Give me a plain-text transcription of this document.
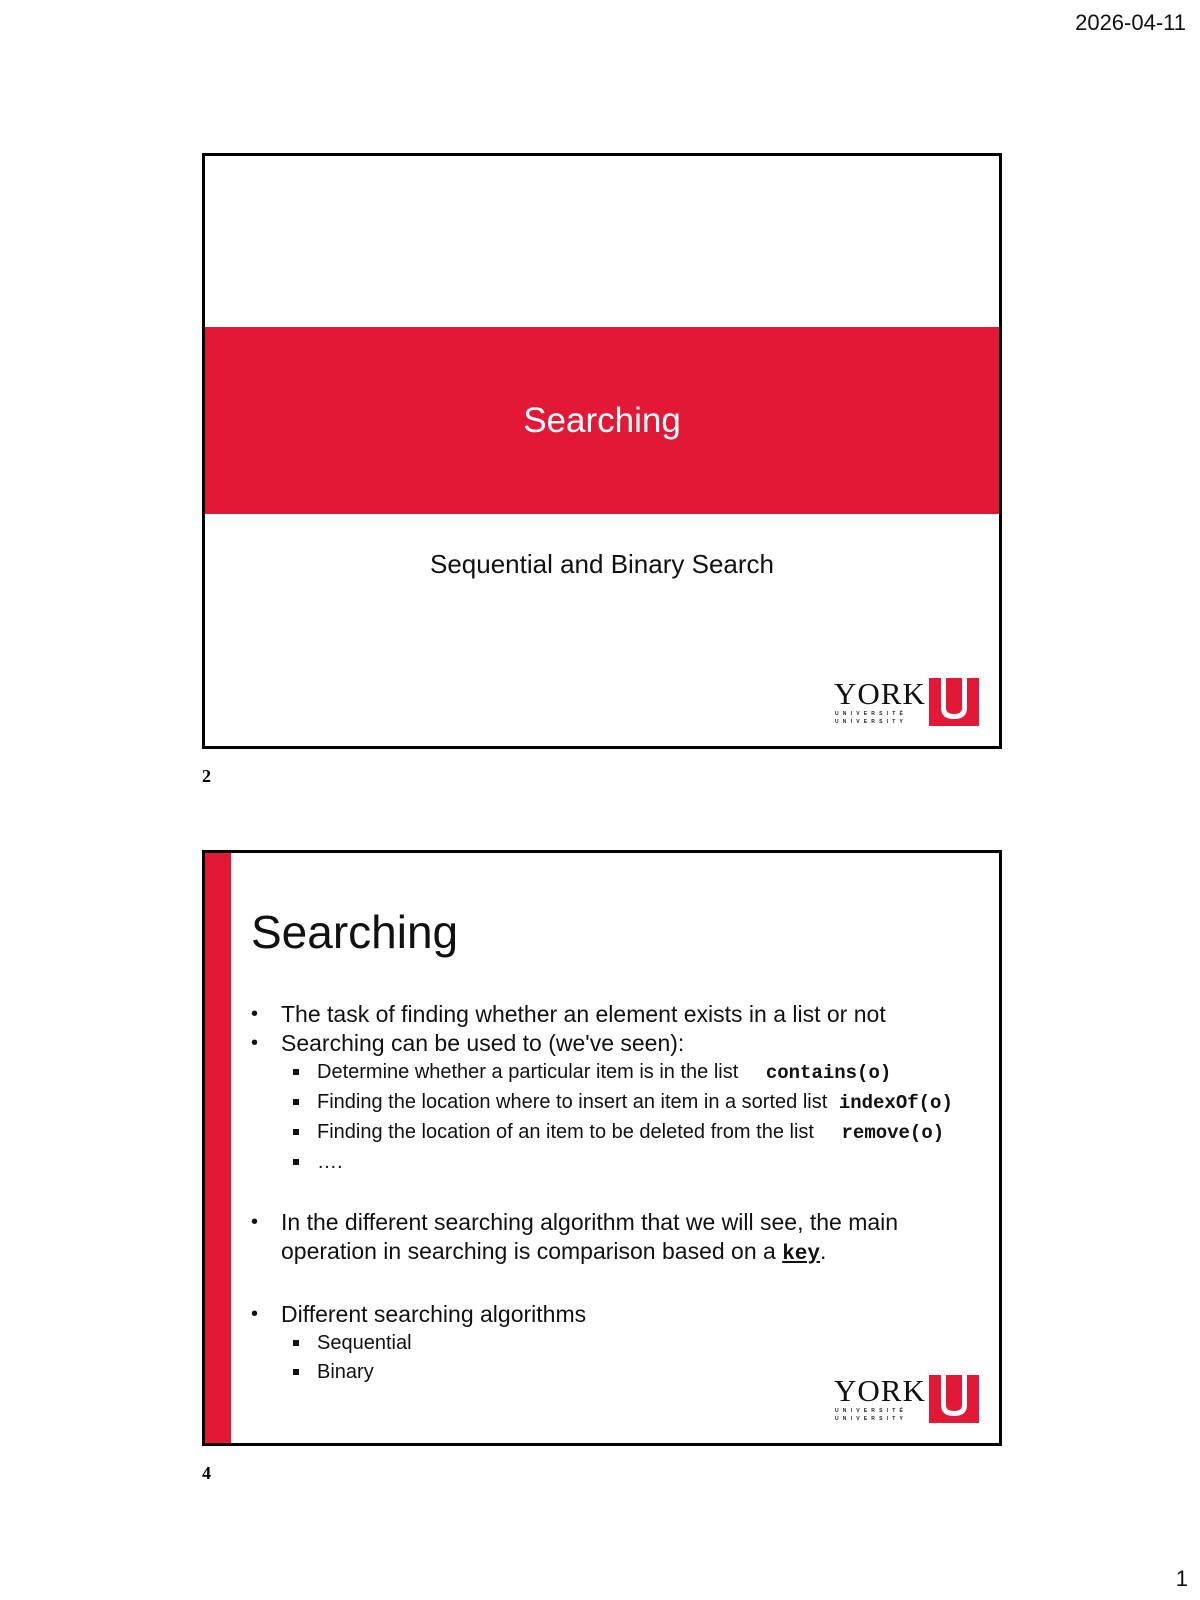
2026-04-11
Searching
Sequential and Binary Search
YORK
UNIVERSITÉ
UNIVERSITY
2
Searching
• The task of finding whether an element exists in a list or not
• Searching can be used to (we've seen):
Determine whether a particular item is in the list contains(o)
Finding the location where to insert an item in a sorted list indexOf(o)
Finding the location of an item to be deleted from the list remove(o)
….
• In the different searching algorithm that we will see, the main
operation in searching is comparison based on a key.
• Different searching algorithms
Sequential
Binary
YORK
UNIVERSITÉ
UNIVERSITY
4
1
